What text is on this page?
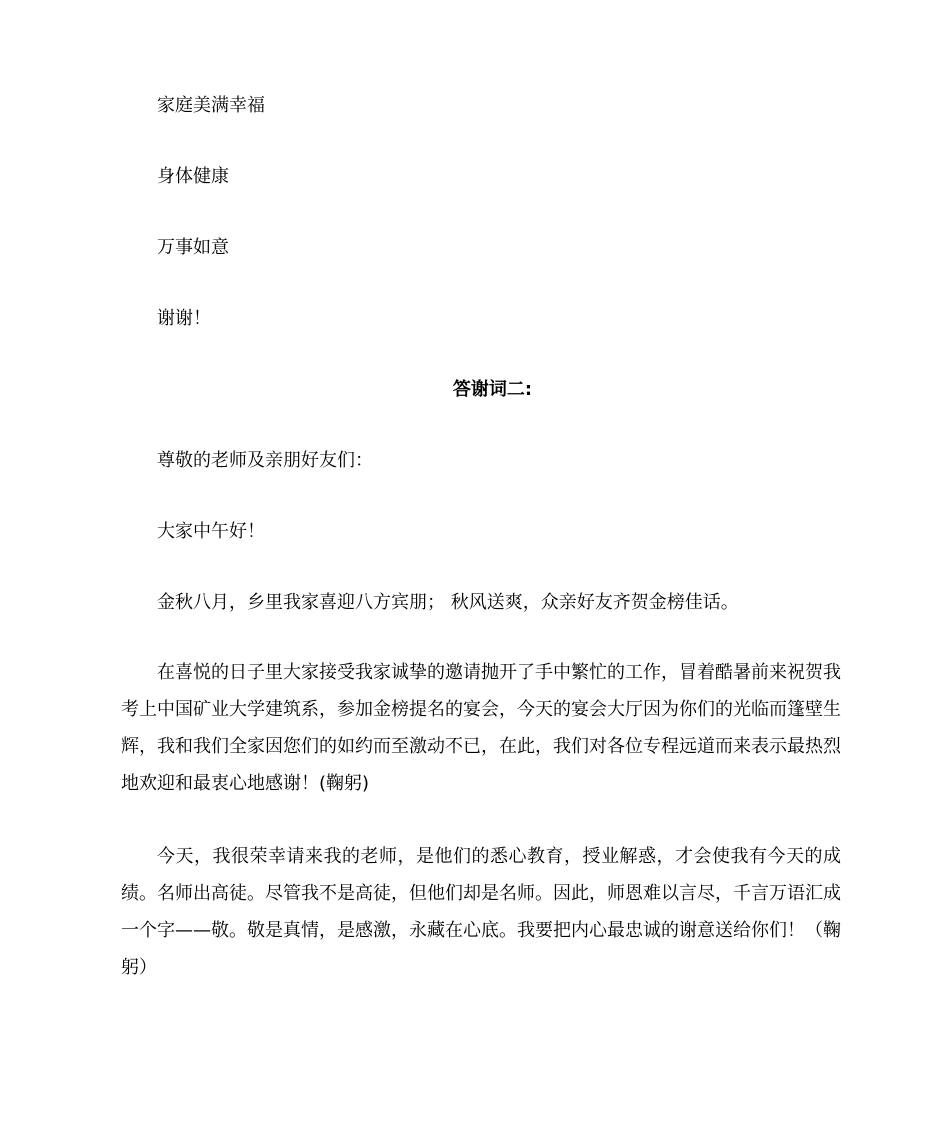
家庭美满幸福
身体健康
万事如意
谢谢！
答谢词二:
尊敬的老师及亲朋好友们：
大家中午好！
金秋八月，乡里我家喜迎八方宾朋； 秋风送爽，众亲好友齐贺金榜佳话。
在喜悦的日子里大家接受我家诚挚的邀请抛开了手中繁忙的工作，冒着酷暑前来祝贺我考上中国矿业大学建筑系，参加金榜提名的宴会，今天的宴会大厅因为你们的光临而篷壁生辉，我和我们全家因您们的如约而至激动不已，在此，我们对各位专程远道而来表示最热烈地欢迎和最衷心地感谢！(鞠躬)
今天，我很荣幸请来我的老师，是他们的悉心教育，授业解惑，才会使我有今天的成绩。名师出高徒。尽管我不是高徒，但他们却是名师。因此，师恩难以言尽，千言万语汇成一个字——敬。敬是真情，是感激，永藏在心底。我要把内心最忠诚的谢意送给你们！（鞠躬）
